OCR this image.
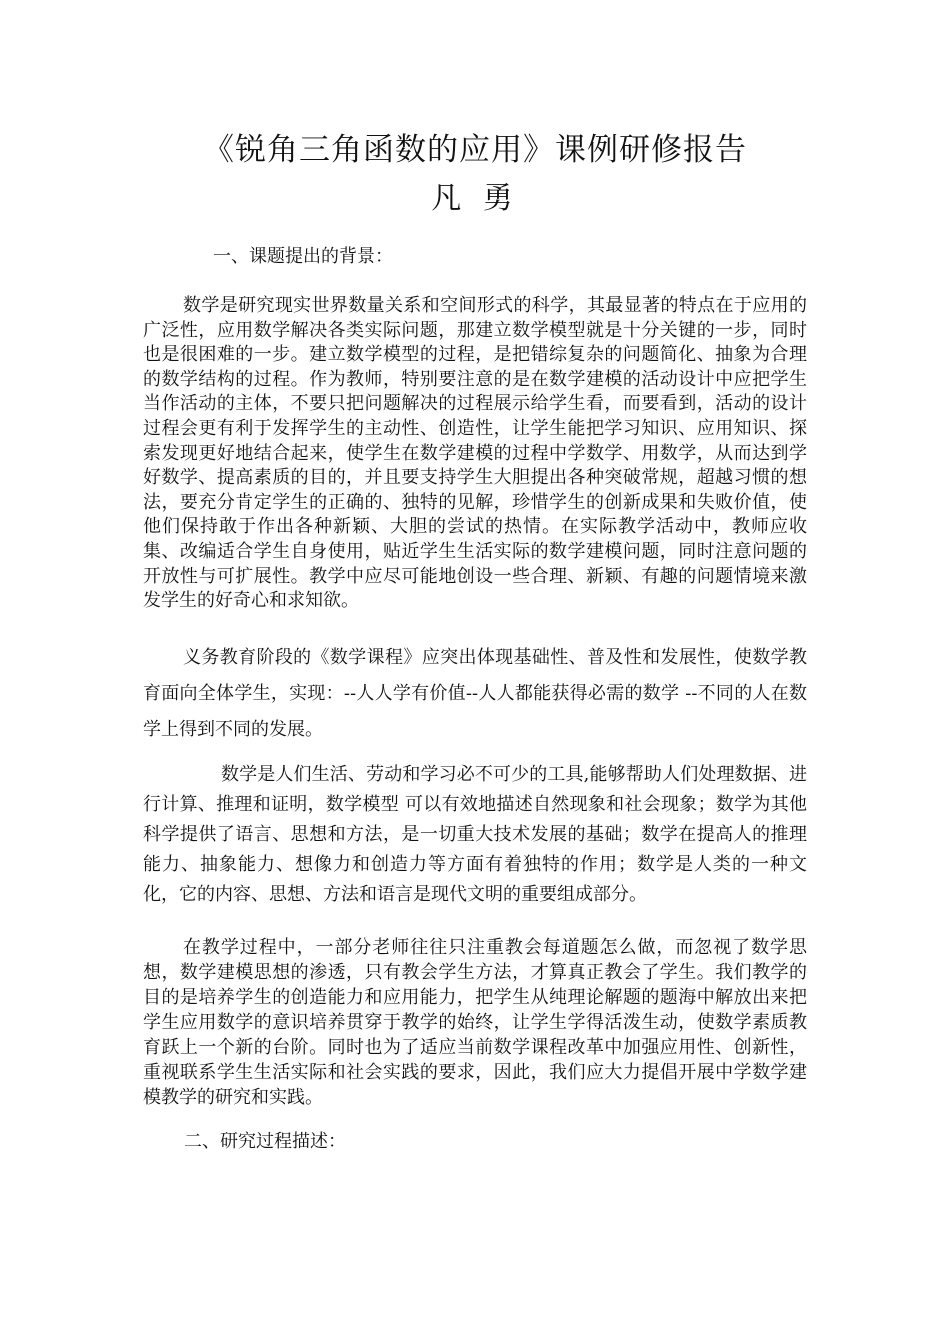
《锐角三角函数的应用》课例研修报告
凡 勇
一、课题提出的背景：

数学是研究现实世界数量关系和空间形式的科学，其最显著的特点在于应用的广泛性，应用数学解决各类实际问题，那建立数学模型就是十分关键的一步，同时也是很困难的一步。建立数学模型的过程，是把错综复杂的问题简化、抽象为合理的数学结构的过程。作为教师，特别要注意的是在数学建模的活动设计中应把学生当作活动的主体，不要只把问题解决的过程展示给学生看，而要看到，活动的设计过程会更有利于发挥学生的主动性、创造性，让学生能把学习知识、应用知识、探索发现更好地结合起来，使学生在数学建模的过程中学数学、用数学，从而达到学好数学、提高素质的目的，并且要支持学生大胆提出各种突破常规，超越习惯的想法，要充分肯定学生的正确的、独特的见解，珍惜学生的创新成果和失败价值，使他们保持敢于作出各种新颖、大胆的尝试的热情。在实际教学活动中，教师应收集、改编适合学生自身使用，贴近学生生活实际的数学建模问题，同时注意问题的开放性与可扩展性。教学中应尽可能地创设一些合理、新颖、有趣的问题情境来激发学生的好奇心和求知欲。

义务教育阶段的《数学课程》应突出体现基础性、普及性和发展性，使数学教育面向全体学生，实现：--人人学有价值--人人都能获得必需的数学 --不同的人在数学上得到不同的发展。

数学是人们生活、劳动和学习必不可少的工具,能够帮助人们处理数据、进行计算、推理和证明，数学模型 可以有效地描述自然现象和社会现象；数学为其他科学提供了语言、思想和方法，是一切重大技术发展的基础；数学在提高人的推理能力、抽象能力、想像力和创造力等方面有着独特的作用；数学是人类的一种文化，它的内容、思想、方法和语言是现代文明的重要组成部分。

在教学过程中，一部分老师往往只注重教会每道题怎么做，而忽视了数学思想，数学建模思想的渗透，只有教会学生方法，才算真正教会了学生。我们教学的目的是培养学生的创造能力和应用能力，把学生从纯理论解题的题海中解放出来把学生应用数学的意识培养贯穿于教学的始终，让学生学得活泼生动，使数学素质教育跃上一个新的台阶。同时也为了适应当前数学课程改革中加强应用性、创新性，重视联系学生生活实际和社会实践的要求，因此，我们应大力提倡开展中学数学建模教学的研究和实践。

二、研究过程描述：
